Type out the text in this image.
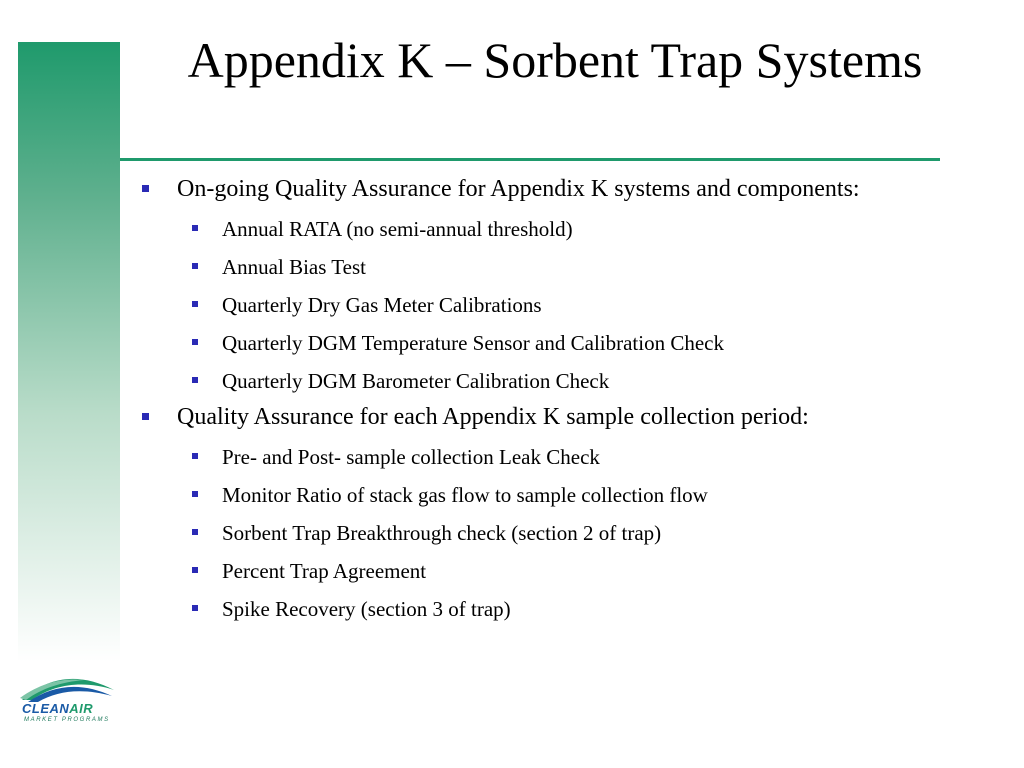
Appendix K – Sorbent Trap Systems
On-going Quality Assurance for Appendix K systems and components:
Annual RATA (no semi-annual threshold)
Annual Bias Test
Quarterly Dry Gas Meter Calibrations
Quarterly DGM Temperature Sensor and Calibration Check
Quarterly DGM Barometer Calibration Check
Quality Assurance for each Appendix K sample collection period:
Pre- and Post- sample collection Leak Check
Monitor Ratio of stack gas flow to sample collection flow
Sorbent Trap Breakthrough check (section 2 of trap)
Percent Trap Agreement
Spike Recovery (section 3 of trap)
CLEANAIR
MARKET PROGRAMS
